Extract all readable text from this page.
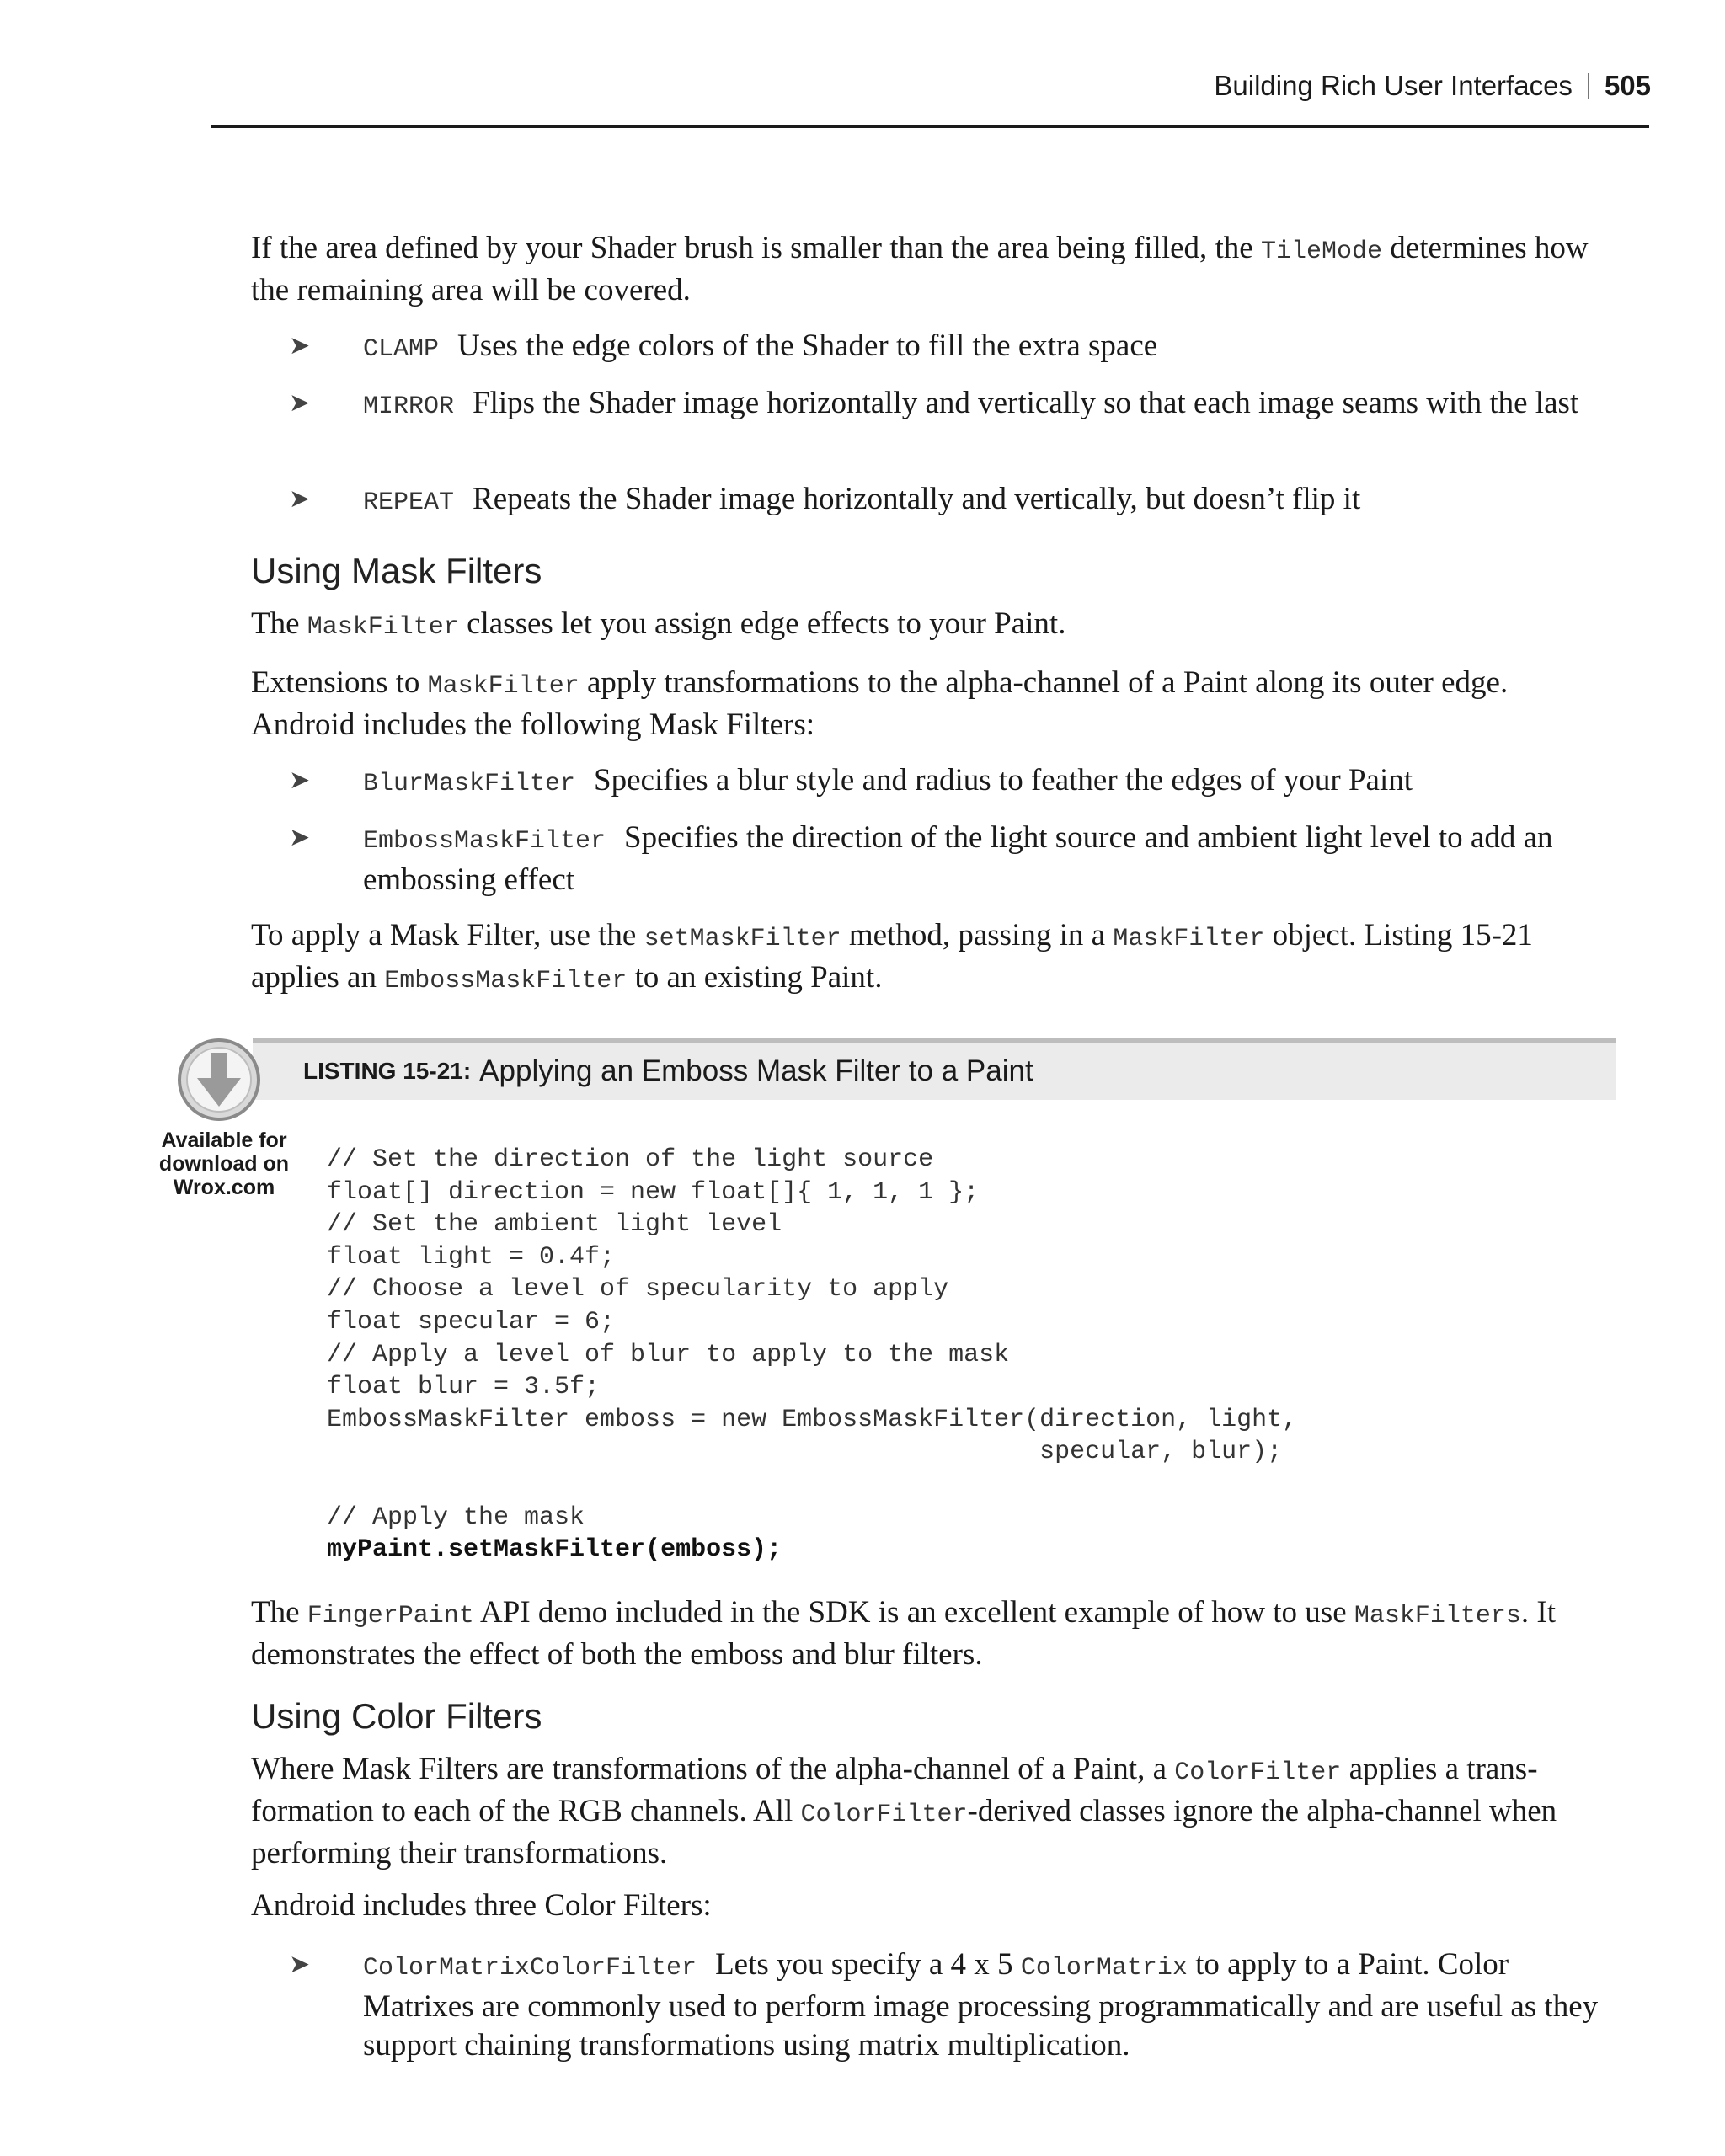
Building Rich User Interfaces 505

If the area defined by your Shader brush is smaller than the area being filled, the TileMode determines how the remaining area will be covered.

➤	CLAMP Uses the edge colors of the Shader to fill the extra space
➤	MIRROR Flips the Shader image horizontally and vertically so that each image seams with the last
➤	REPEAT Repeats the Shader image horizontally and vertically, but doesn’t flip it
Using Mask Filters

The MaskFilter classes let you assign edge effects to your Paint.

Extensions to MaskFilter apply transformations to the alpha-channel of a Paint along its outer edge. Android includes the following Mask Filters:

➤	BlurMaskFilter Specifies a blur style and radius to feather the edges of your Paint
➤	EmbossMaskFilter Specifies the direction of the light source and ambient light level to add an embossing effect

To apply a Mask Filter, use the setMaskFilter method, passing in a MaskFilter object. Listing 15-21 applies an EmbossMaskFilter to an existing Paint.

LISTING 15-21: Applying an Emboss Mask Filter to a Paint
Available for
download on
Wrox.com
// Set the direction of the light source
float[] direction = new float[]{ 1, 1, 1 };
// Set the ambient light level
float light = 0.4f;
// Choose a level of specularity to apply
float specular = 6;
// Apply a level of blur to apply to the mask
float blur = 3.5f;
EmbossMaskFilter emboss = new EmbossMaskFilter(direction, light,
specular, blur);

// Apply the mask
myPaint.setMaskFilter(emboss);

The FingerPaint API demo included in the SDK is an excellent example of how to use MaskFilters. It demonstrates the effect of both the emboss and blur filters.

Using Color Filters

Where Mask Filters are transformations of the alpha-channel of a Paint, a ColorFilter applies a trans-formation to each of the RGB channels. All ColorFilter-derived classes ignore the alpha-channel when performing their transformations.

Android includes three Color Filters:

➤	ColorMatrixColorFilter Lets you specify a 4 x 5 ColorMatrix to apply to a Paint. Color Matrixes are commonly used to perform image processing programmatically and are useful as they support chaining transformations using matrix multiplication.
